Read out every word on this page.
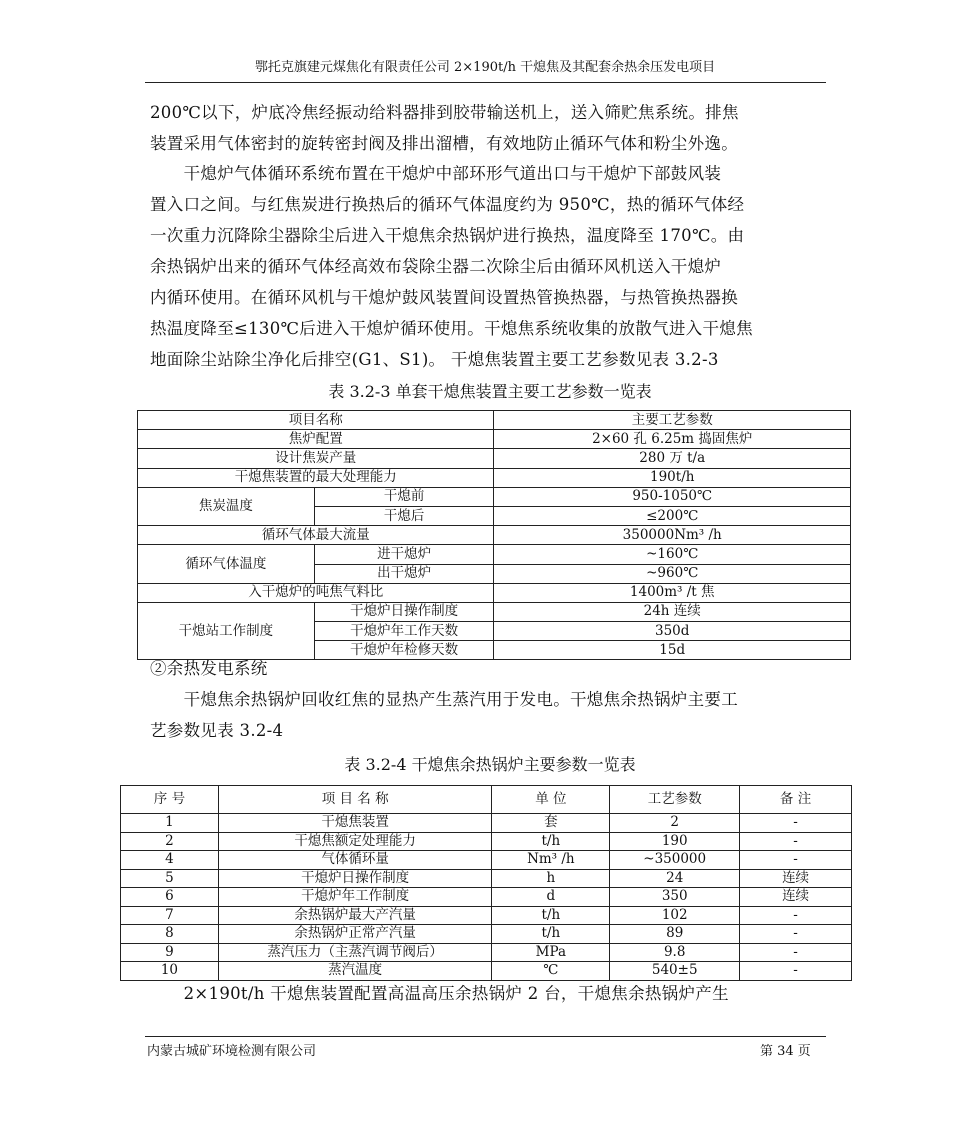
鄂托克旗建元煤焦化有限责任公司 2×190t/h 干熄焦及其配套余热余压发电项目
200℃以下，炉底冷焦经振动给料器排到胶带输送机上，送入筛贮焦系统。排焦
装置采用气体密封的旋转密封阀及排出溜槽，有效地防止循环气体和粉尘外逸。
　　干熄炉气体循环系统布置在干熄炉中部环形气道出口与干熄炉下部鼓风装
置入口之间。与红焦炭进行换热后的循环气体温度约为 950℃，热的循环气体经
一次重力沉降除尘器除尘后进入干熄焦余热锅炉进行换热，温度降至 170℃。由
余热锅炉出来的循环气体经高效布袋除尘器二次除尘后由循环风机送入干熄炉
内循环使用。在循环风机与干熄炉鼓风装置间设置热管换热器，与热管换热器换
热温度降至≤130℃后进入干熄炉循环使用。干熄焦系统收集的放散气进入干熄焦
地面除尘站除尘净化后排空(G1、S1)。 干熄焦装置主要工艺参数见表 3.2-3
表 3.2-3 单套干熄焦装置主要工艺参数一览表
项目名称		主要工艺参数
焦炉配置		2×60 孔 6.25m 捣固焦炉
设计焦炭产量		280 万 t/a
干熄焦装置的最大处理能力		190t/h
焦炭温度	干熄前	950-1050℃
	干熄后	≤200℃
循环气体最大流量		350000Nm³ /h
循环气体温度	进干熄炉	~160℃
	出干熄炉	~960℃
入干熄炉的吨焦气料比		1400m³ /t 焦
干熄站工作制度	干熄炉日操作制度	24h 连续
	干熄炉年工作天数	350d
	干熄炉年检修天数	15d
②余热发电系统
　　干熄焦余热锅炉回收红焦的显热产生蒸汽用于发电。干熄焦余热锅炉主要工
艺参数见表 3.2-4
表 3.2-4 干熄焦余热锅炉主要参数一览表
序 号	项 目 名 称	单 位	工艺参数	备 注
1	干熄焦装置	套	2	-
2	干熄焦额定处理能力	t/h	190	-
4	气体循环量	Nm³ /h	~350000	-
5	干熄炉日操作制度	h	24	连续
6	干熄炉年工作制度	d	350	连续
7	余热锅炉最大产汽量	t/h	102	-
8	余热锅炉正常产汽量	t/h	89	-
9	蒸汽压力（主蒸汽调节阀后）	MPa	9.8	-
10	蒸汽温度	℃	540±5	-
　　2×190t/h 干熄焦装置配置高温高压余热锅炉 2 台，干熄焦余热锅炉产生
内蒙古城矿环境检测有限公司	第 34 页
